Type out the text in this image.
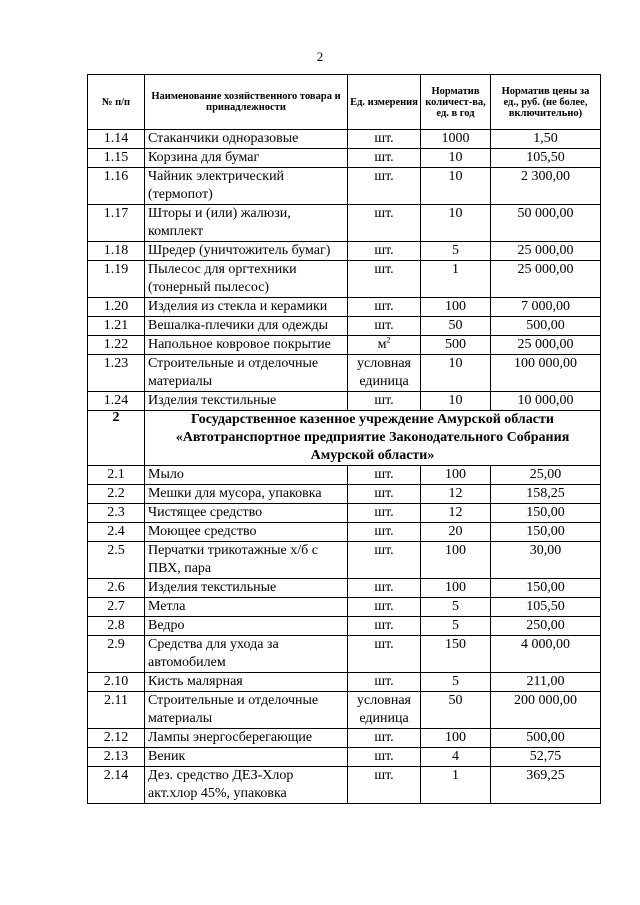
2
№ п/п	Наименование хозяйственного товара и принадлежности	Ед. измерения	Норматив количест-ва, ед. в год	Норматив цены за ед., руб. (не более, включительно)
1.14	Стаканчики одноразовые	шт.	1000	1,50
1.15	Корзина для бумаг	шт.	10	105,50
1.16	Чайник электрический (термопот)	шт.	10	2 300,00
1.17	Шторы и (или) жалюзи, комплект	шт.	10	50 000,00
1.18	Шредер (уничтожитель бумаг)	шт.	5	25 000,00
1.19	Пылесос для оргтехники (тонерный пылесос)	шт.	1	25 000,00
1.20	Изделия из стекла и керамики	шт.	100	7 000,00
1.21	Вешалка-плечики для одежды	шт.	50	500,00
1.22	Напольное ковровое покрытие	$м^2$	500	25 000,00
1.23	Строительные и отделочные материалы	условная единица	10	100 000,00
1.24	Изделия текстильные	шт.	10	10 000,00
2	Государственное казенное учреждение Амурской области
«Автотранспортное предприятие Законодательного Собрания
Амурской области»			

2.1	Мыло	шт.	100	25,00
2.2	Мешки для мусора, упаковка	шт.	12	158,25
2.3	Чистящее средство	шт.	12	150,00
2.4	Моющее средство	шт.	20	150,00
2.5	Перчатки трикотажные х/б с ПВХ, пара	шт.	100	30,00
2.6	Изделия текстильные	шт.	100	150,00
2.7	Метла	шт.	5	105,50
2.8	Ведро	шт.	5	250,00
2.9	Средства для ухода за автомобилем	шт.	150	4 000,00
2.10	Кисть малярная	шт.	5	211,00
2.11	Строительные и отделочные материалы	условная единица	50	200 000,00
2.12	Лампы энергосберегающие	шт.	100	500,00
2.13	Веник	шт.	4	52,75
2.14	Дез. средство ДЕЗ-Хлор акт.хлор 45%, упаковка	шт.	1	369,25
